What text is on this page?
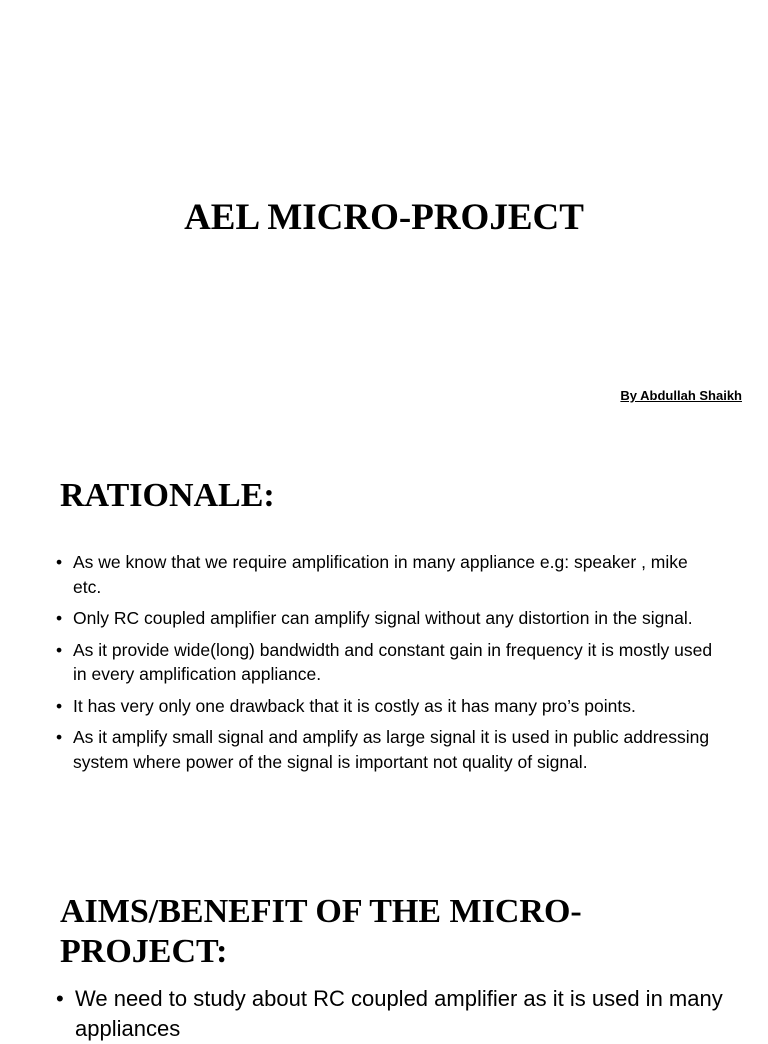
AEL MICRO-PROJECT

By Abdullah Shaikh

RATIONALE:
• As we know that we require amplification in many appliance e.g: speaker , mike etc.
• Only RC coupled amplifier can amplify signal without any distortion in the signal.
• As it provide wide(long) bandwidth and constant gain in frequency it is mostly used in every amplification appliance.
• It has very only one drawback that it is costly as it has many pro’s points.
• As it amplify small signal and amplify as large signal it is used in public addressing system where power of the signal is important not quality of signal.
AIMS/BENEFIT OF THE MICRO-PROJECT:
• We need to study about RC coupled amplifier as it is used in many appliances
